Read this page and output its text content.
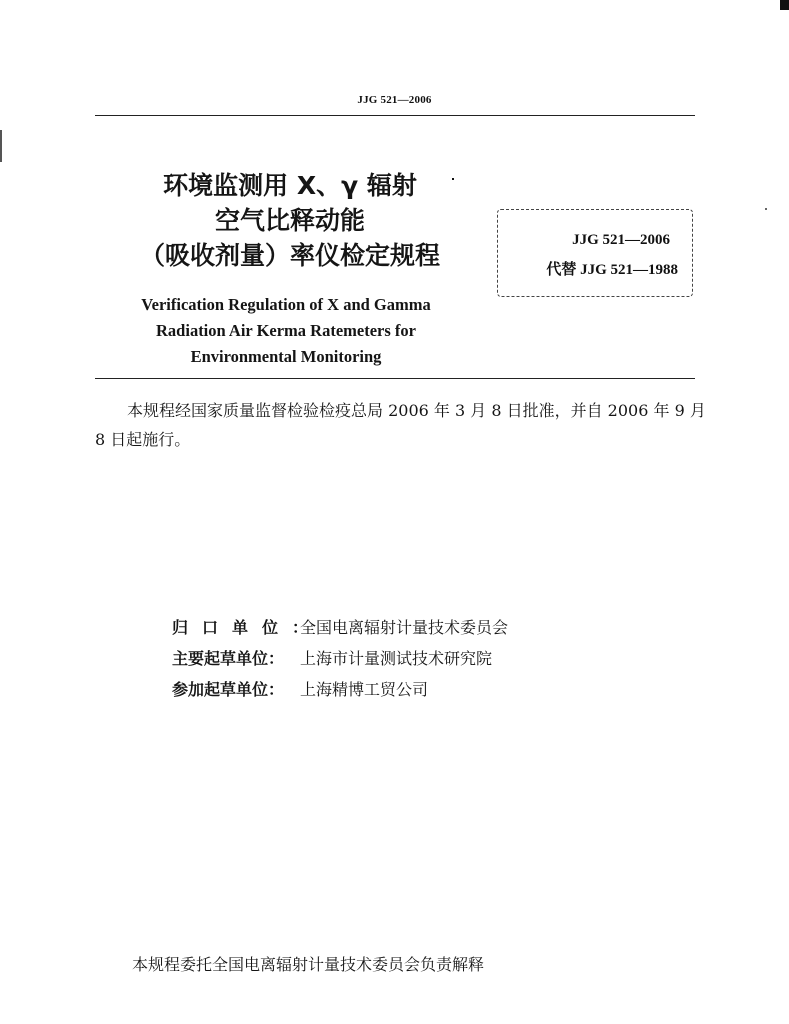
JJG 521—2006
环境监测用 X、γ 辐射
空气比释动能
（吸收剂量）率仪检定规程
JJG 521—2006
代替 JJG 521—1988
Verification Regulation of X and Gamma
Radiation Air Kerma Ratemeters for
Environmental Monitoring
本规程经国家质量监督检验检疫总局 2006 年 3 月 8 日批准，并自 2006 年 9 月 8 日起施行。
归口单位：全国电离辐射计量技术委员会
主要起草单位： 上海市计量测试技术研究院
参加起草单位： 上海精博工贸公司
本规程委托全国电离辐射计量技术委员会负责解释
